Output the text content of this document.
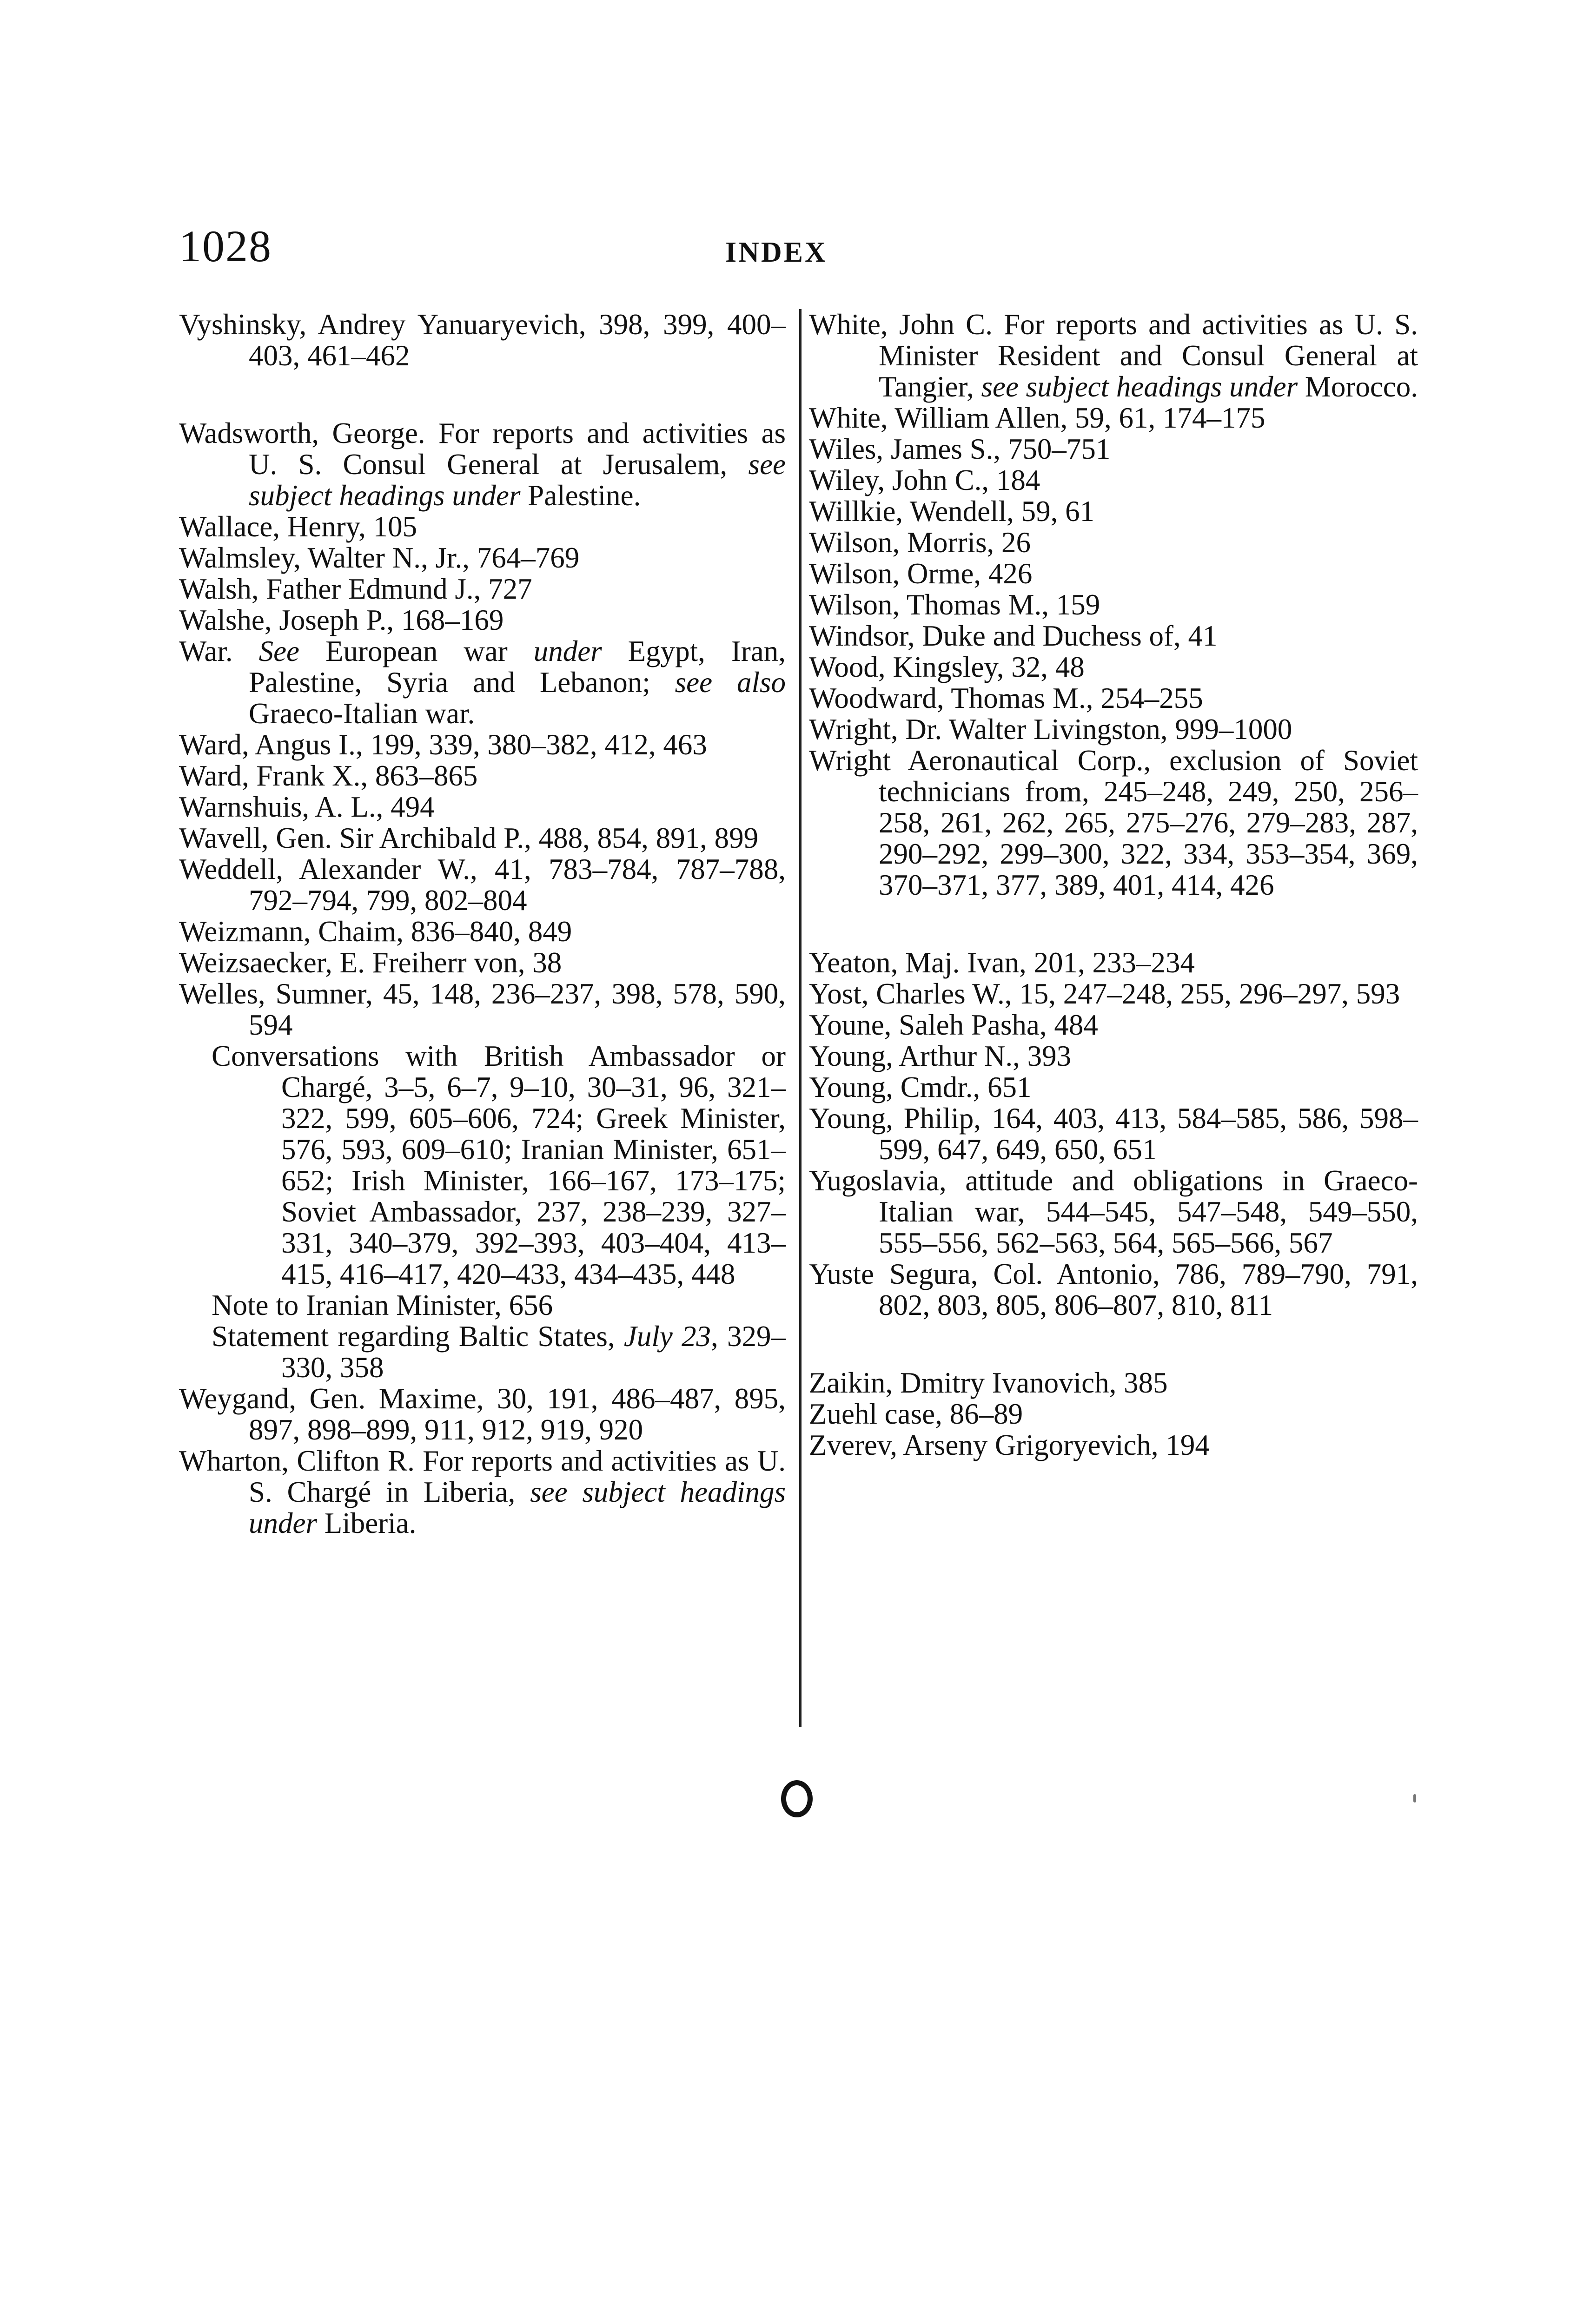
1028	INDEX

Vyshinsky, Andrey Yanuaryevich, 398, 399, 400–403, 461–462

Wadsworth, George. For reports and activities as U. S. Consul General at Jerusalem, see subject headings under Palestine.

Wallace, Henry, 105

Walmsley, Walter N., Jr., 764–769

Walsh, Father Edmund J., 727

Walshe, Joseph P., 168–169

War. See European war under Egypt, Iran, Palestine, Syria and Lebanon; see also Graeco-Italian war.

Ward, Angus I., 199, 339, 380–382, 412, 463

Ward, Frank X., 863–865

Warnshuis, A. L., 494

Wavell, Gen. Sir Archibald P., 488, 854, 891, 899

Weddell, Alexander W., 41, 783–784, 787–788, 792–794, 799, 802–804

Weizmann, Chaim, 836–840, 849

Weizsaecker, E. Freiherr von, 38

Welles, Sumner, 45, 148, 236–237, 398, 578, 590, 594

Conversations with British Ambassador or Chargé, 3–5, 6–7, 9–10, 30–31, 96, 321–322, 599, 605–606, 724; Greek Minister, 576, 593, 609–610; Iranian Minister, 651–652; Irish Minister, 166–167, 173–175; Soviet Ambassador, 237, 238–239, 327–331, 340–379, 392–393, 403–404, 413–415, 416–417, 420–433, 434–435, 448

Note to Iranian Minister, 656

Statement regarding Baltic States, July 23, 329–330, 358

Weygand, Gen. Maxime, 30, 191, 486–487, 895, 897, 898–899, 911, 912, 919, 920

Wharton, Clifton R. For reports and activities as U. S. Chargé in Liberia, see subject headings under Liberia.

White, John C. For reports and activities as U. S. Minister Resident and Consul General at Tangier, see subject headings under Morocco.

White, William Allen, 59, 61, 174–175

Wiles, James S., 750–751

Wiley, John C., 184

Willkie, Wendell, 59, 61

Wilson, Morris, 26

Wilson, Orme, 426

Wilson, Thomas M., 159

Windsor, Duke and Duchess of, 41

Wood, Kingsley, 32, 48

Woodward, Thomas M., 254–255

Wright, Dr. Walter Livingston, 999–1000

Wright Aeronautical Corp., exclusion of Soviet technicians from, 245–248, 249, 250, 256–258, 261, 262, 265, 275–276, 279–283, 287, 290–292, 299–300, 322, 334, 353–354, 369, 370–371, 377, 389, 401, 414, 426

Yeaton, Maj. Ivan, 201, 233–234

Yost, Charles W., 15, 247–248, 255, 296–297, 593

Youne, Saleh Pasha, 484

Young, Arthur N., 393

Young, Cmdr., 651

Young, Philip, 164, 403, 413, 584–585, 586, 598–599, 647, 649, 650, 651

Yugoslavia, attitude and obligations in Graeco-Italian war, 544–545, 547–548, 549–550, 555–556, 562–563, 564, 565–566, 567

Yuste Segura, Col. Antonio, 786, 789–790, 791, 802, 803, 805, 806–807, 810, 811

Zaikin, Dmitry Ivanovich, 385

Zuehl case, 86–89

Zverev, Arseny Grigoryevich, 194
